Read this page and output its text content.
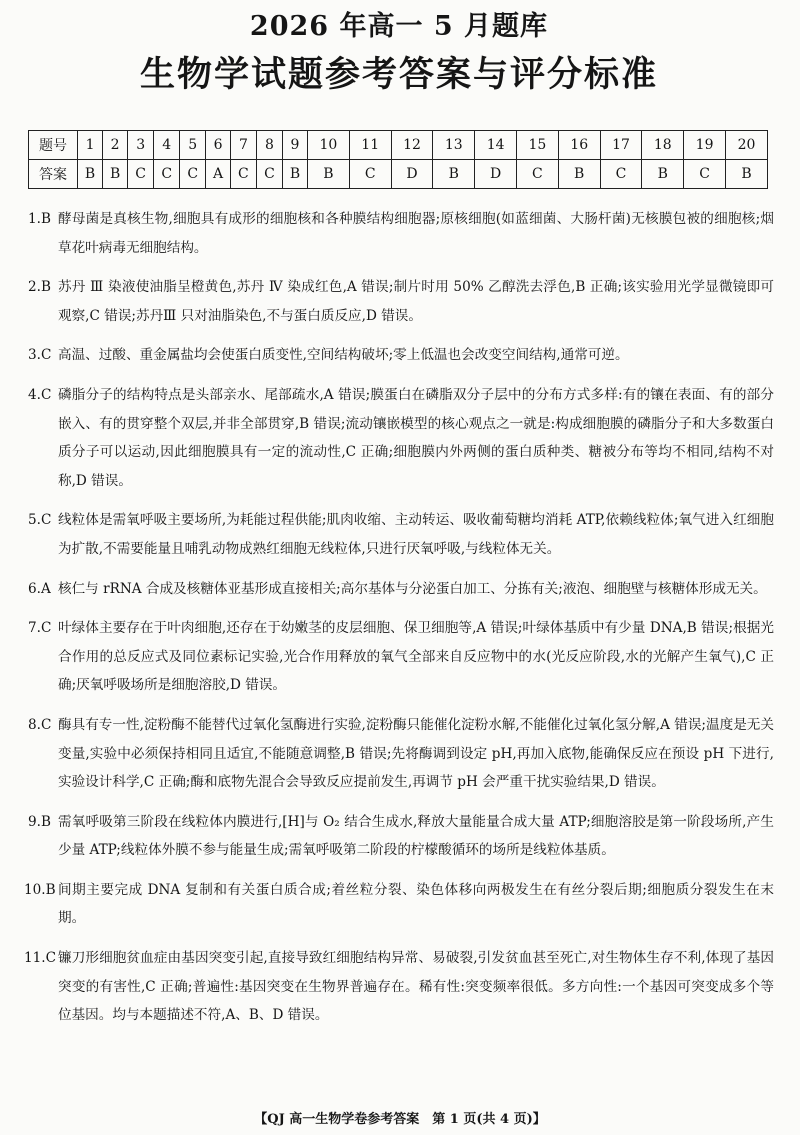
2026 年高一 5 月题库
生物学试题参考答案与评分标准
题号	1	2	3	4	5	6	7	8	9	10	11	12	13	14	15	16	17	18	19	20
答案	B	B	C	C	C	A	C	C	B	B	C	D	B	D	C	B	C	B	C	B
1.B 酵母菌是真核生物,细胞具有成形的细胞核和各种膜结构细胞器;原核细胞(如蓝细菌、大肠杆菌)无核膜包被的细胞核;烟草花叶病毒无细胞结构。
2.B 苏丹 Ⅲ 染液使油脂呈橙黄色,苏丹 Ⅳ 染成红色,A 错误;制片时用 50% 乙醇洗去浮色,B 正确;该实验用光学显微镜即可观察,C 错误;苏丹Ⅲ 只对油脂染色,不与蛋白质反应,D 错误。
3.C 高温、过酸、重金属盐均会使蛋白质变性,空间结构破坏;零上低温也会改变空间结构,通常可逆。
4.C 磷脂分子的结构特点是头部亲水、尾部疏水,A 错误;膜蛋白在磷脂双分子层中的分布方式多样:有的镶在表面、有的部分嵌入、有的贯穿整个双层,并非全部贯穿,B 错误;流动镶嵌模型的核心观点之一就是:构成细胞膜的磷脂分子和大多数蛋白质分子可以运动,因此细胞膜具有一定的流动性,C 正确;细胞膜内外两侧的蛋白质种类、糖被分布等均不相同,结构不对称,D 错误。
5.C 线粒体是需氧呼吸主要场所,为耗能过程供能;肌肉收缩、主动转运、吸收葡萄糖均消耗 ATP,依赖线粒体;氧气进入红细胞为扩散,不需要能量且哺乳动物成熟红细胞无线粒体,只进行厌氧呼吸,与线粒体无关。
6.A 核仁与 rRNA 合成及核糖体亚基形成直接相关;高尔基体与分泌蛋白加工、分拣有关;液泡、细胞壁与核糖体形成无关。
7.C 叶绿体主要存在于叶肉细胞,还存在于幼嫩茎的皮层细胞、保卫细胞等,A 错误;叶绿体基质中有少量 DNA,B 错误;根据光合作用的总反应式及同位素标记实验,光合作用释放的氧气全部来自反应物中的水(光反应阶段,水的光解产生氧气),C 正确;厌氧呼吸场所是细胞溶胶,D 错误。
8.C 酶具有专一性,淀粉酶不能替代过氧化氢酶进行实验,淀粉酶只能催化淀粉水解,不能催化过氧化氢分解,A 错误;温度是无关变量,实验中必须保持相同且适宜,不能随意调整,B 错误;先将酶调到设定 pH,再加入底物,能确保反应在预设 pH 下进行,实验设计科学,C 正确;酶和底物先混合会导致反应提前发生,再调节 pH 会严重干扰实验结果,D 错误。
9.B 需氧呼吸第三阶段在线粒体内膜进行,[H]与 O₂ 结合生成水,释放大量能量合成大量 ATP;细胞溶胶是第一阶段场所,产生少量 ATP;线粒体外膜不参与能量生成;需氧呼吸第二阶段的柠檬酸循环的场所是线粒体基质。
10.B 间期主要完成 DNA 复制和有关蛋白质合成;着丝粒分裂、染色体移向两极发生在有丝分裂后期;细胞质分裂发生在末期。
11.C 镰刀形细胞贫血症由基因突变引起,直接导致红细胞结构异常、易破裂,引发贫血甚至死亡,对生物体生存不利,体现了基因突变的有害性,C 正确;普遍性:基因突变在生物界普遍存在。稀有性:突变频率很低。多方向性:一个基因可突变成多个等位基因。均与本题描述不符,A、B、D 错误。
【QJ 高一生物学卷参考答案　第 1 页(共 4 页)】
